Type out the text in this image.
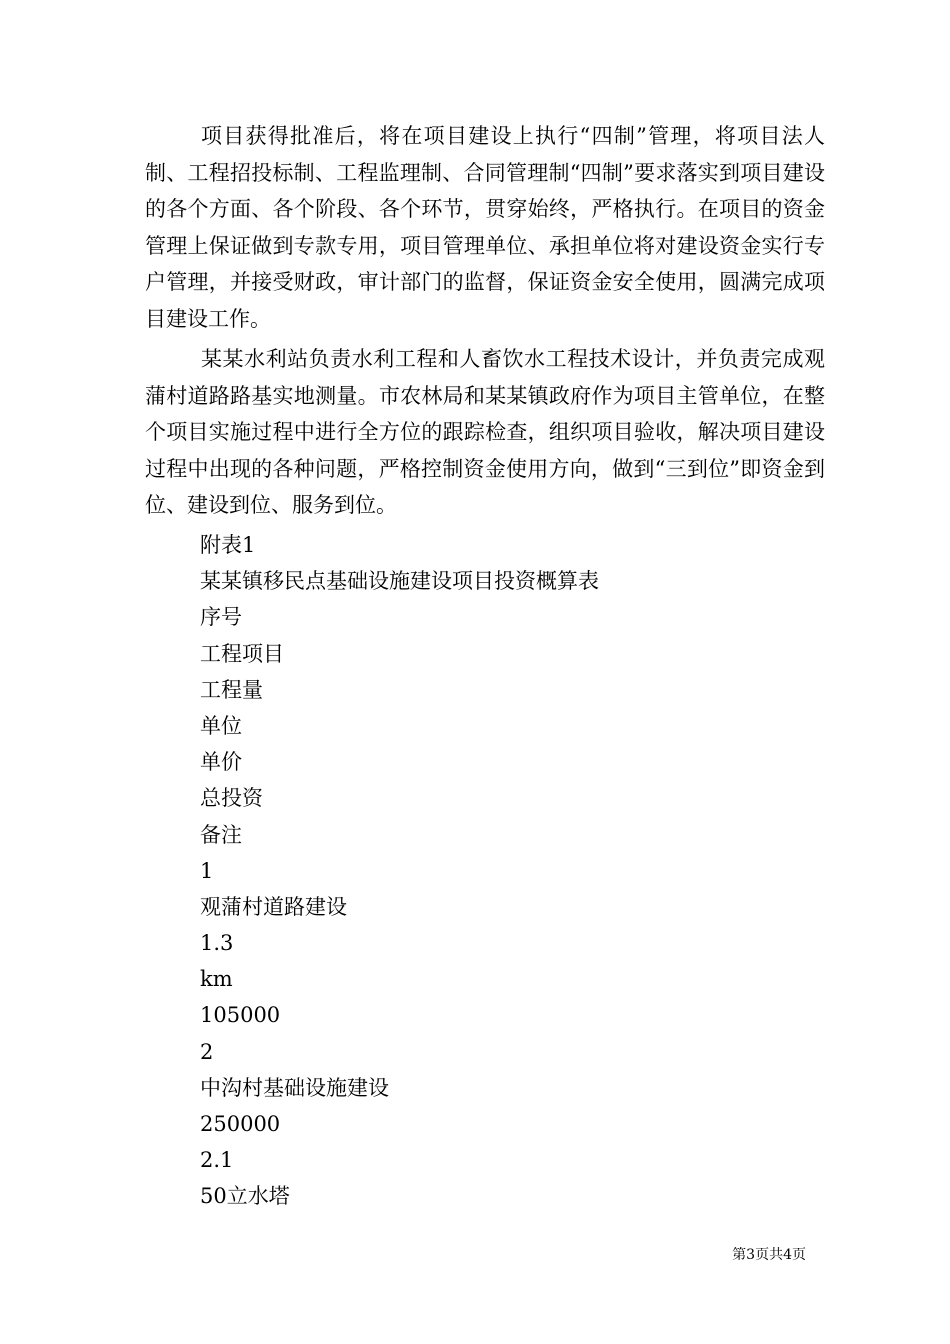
项目获得批准后，将在项目建设上执行“四制”管理，将项目法人制、工程招投标制、工程监理制、合同管理制“四制”要求落实到项目建设的各个方面、各个阶段、各个环节，贯穿始终，严格执行。在项目的资金管理上保证做到专款专用，项目管理单位、承担单位将对建设资金实行专户管理，并接受财政，审计部门的监督，保证资金安全使用，圆满完成项目建设工作。

某某水利站负责水利工程和人畜饮水工程技术设计，并负责完成观蒲村道路路基实地测量。市农林局和某某镇政府作为项目主管单位，在整个项目实施过程中进行全方位的跟踪检查，组织项目验收，解决项目建设过程中出现的各种问题，严格控制资金使用方向，做到“三到位”即资金到位、建设到位、服务到位。

附表1
某某镇移民点基础设施建设项目投资概算表
序号
工程项目
工程量
单位
单价
总投资
备注
1
观蒲村道路建设
1.3
km
105000
2
中沟村基础设施建设
250000
2.1
50立水塔
第3页共4页
